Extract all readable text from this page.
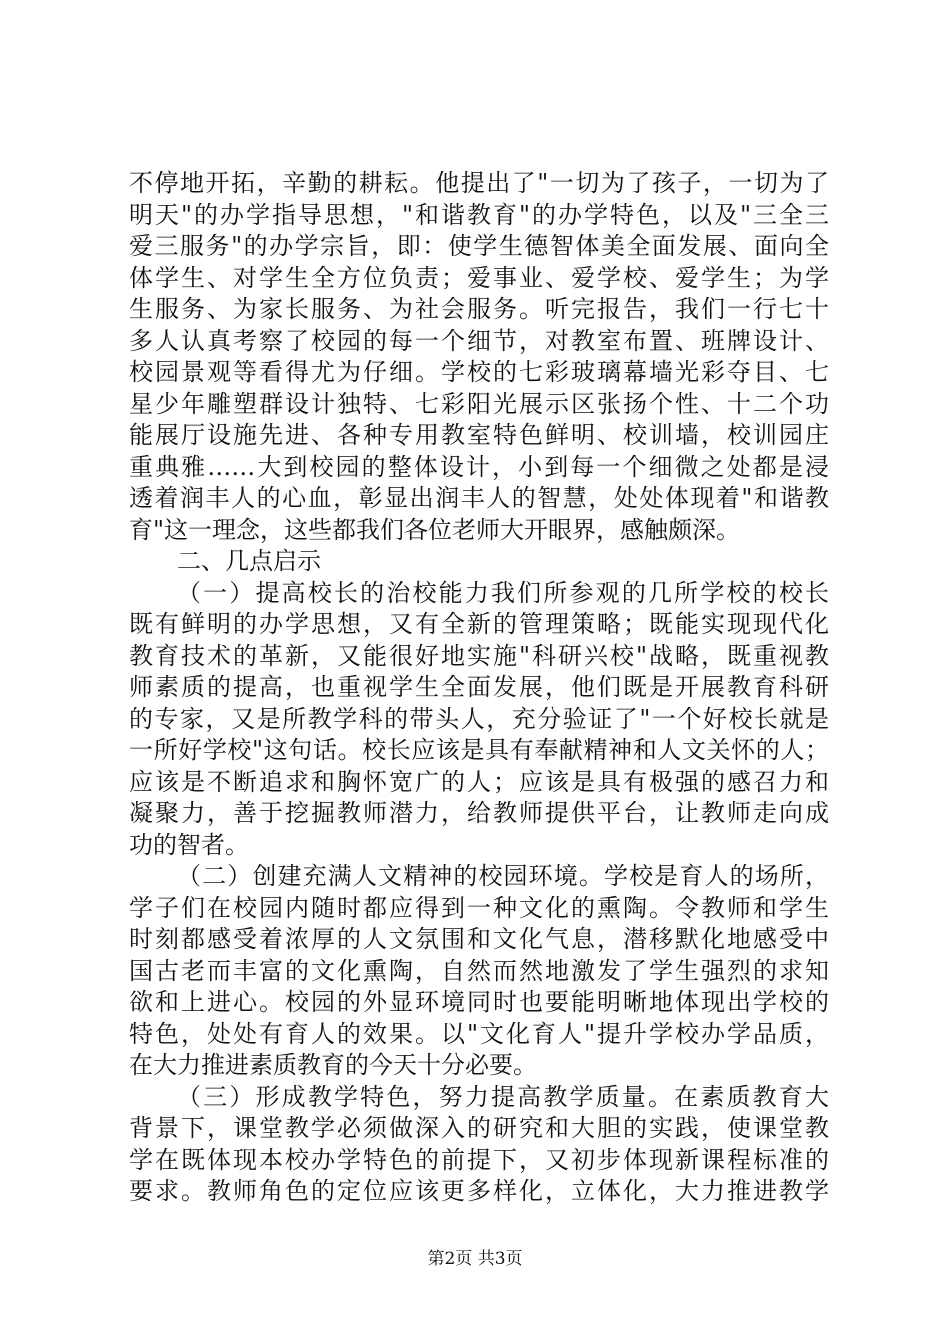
不停地开拓，辛勤的耕耘。他提出了"一切为了孩子，一切为了
明天"的办学指导思想，"和谐教育"的办学特色，以及"三全三
爱三服务"的办学宗旨，即：使学生德智体美全面发展、面向全
体学生、对学生全方位负责；爱事业、爱学校、爱学生；为学
生服务、为家长服务、为社会服务。听完报告，我们一行七十
多人认真考察了校园的每一个细节，对教室布置、班牌设计、
校园景观等看得尤为仔细。学校的七彩玻璃幕墙光彩夺目、七
星少年雕塑群设计独特、七彩阳光展示区张扬个性、十二个功
能展厅设施先进、各种专用教室特色鲜明、校训墙，校训园庄
重典雅……大到校园的整体设计，小到每一个细微之处都是浸
透着润丰人的心血，彰显出润丰人的智慧，处处体现着"和谐教
育"这一理念，这些都我们各位老师大开眼界，感触颇深。
二、几点启示
（一）提高校长的治校能力我们所参观的几所学校的校长
既有鲜明的办学思想，又有全新的管理策略；既能实现现代化
教育技术的革新，又能很好地实施"科研兴校"战略，既重视教
师素质的提高，也重视学生全面发展，他们既是开展教育科研
的专家，又是所教学科的带头人，充分验证了"一个好校长就是
一所好学校"这句话。校长应该是具有奉献精神和人文关怀的人；
应该是不断追求和胸怀宽广的人；应该是具有极强的感召力和
凝聚力，善于挖掘教师潜力，给教师提供平台，让教师走向成
功的智者。
（二）创建充满人文精神的校园环境。学校是育人的场所，
学子们在校园内随时都应得到一种文化的熏陶。令教师和学生
时刻都感受着浓厚的人文氛围和文化气息，潜移默化地感受中
国古老而丰富的文化熏陶，自然而然地激发了学生强烈的求知
欲和上进心。校园的外显环境同时也要能明晰地体现出学校的
特色，处处有育人的效果。以"文化育人"提升学校办学品质，
在大力推进素质教育的今天十分必要。
（三）形成教学特色，努力提高教学质量。在素质教育大
背景下，课堂教学必须做深入的研究和大胆的实践，使课堂教
学在既体现本校办学特色的前提下，又初步体现新课程标准的
要求。教师角色的定位应该更多样化，立体化，大力推进教学
第2页 共3页
